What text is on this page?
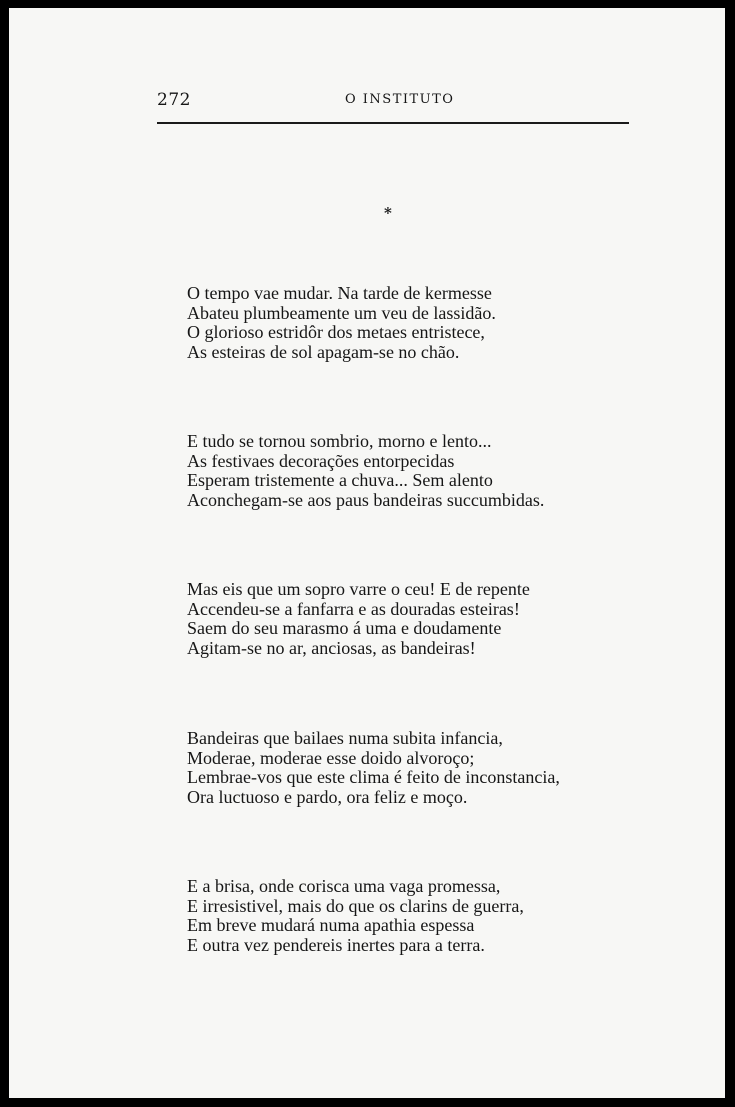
272	O INSTITUTO
*
O tempo vae mudar. Na tarde de kermesse
Abateu plumbeamente um veu de lassidão.
O glorioso estridôr dos metaes entristece,
As esteiras de sol apagam-se no chão.
E tudo se tornou sombrio, morno e lento...
As festivaes decorações entorpecidas
Esperam tristemente a chuva... Sem alento
Aconchegam-se aos paus bandeiras succumbidas.
Mas eis que um sopro varre o ceu! E de repente
Accendeu-se a fanfarra e as douradas esteiras!
Saem do seu marasmo á uma e doudamente
Agitam-se no ar, anciosas, as bandeiras!
Bandeiras que bailaes numa subita infancia,
Moderae, moderae esse doido alvoroço;
Lembrae-vos que este clima é feito de inconstancia,
Ora luctuoso e pardo, ora feliz e moço.
E a brisa, onde corisca uma vaga promessa,
E irresistivel, mais do que os clarins de guerra,
Em breve mudará numa apathia espessa
E outra vez pendereis inertes para a terra.
